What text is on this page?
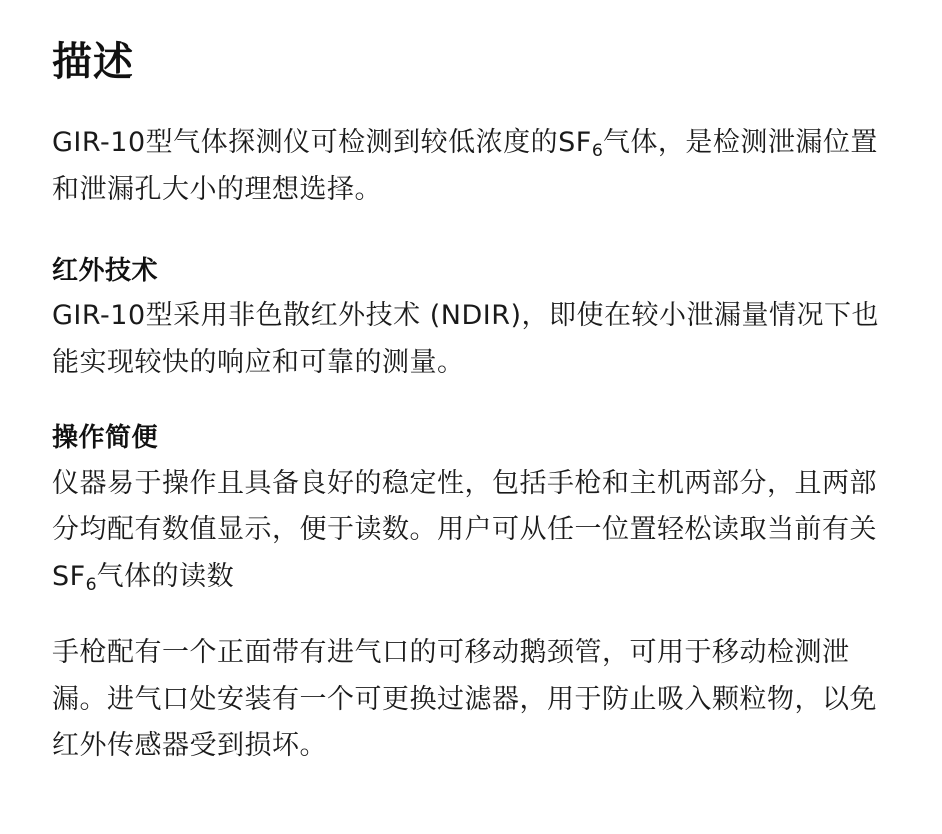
描述

GIR-10型气体探测仪可检测到较低浓度的$SF_6$气体，是检测泄漏位置和泄漏孔大小的理想选择。

红外技术

GIR-10型采用非色散红外技术 (NDIR)，即使在较小泄漏量情况下也能实现较快的响应和可靠的测量。

操作简便

仪器易于操作且具备良好的稳定性，包括手枪和主机两部分，且两部分均配有数值显示，便于读数。用户可从任一位置轻松读取当前有关$SF_6$气体的读数

手枪配有一个正面带有进气口的可移动鹅颈管，可用于移动检测泄漏。进气口处安装有一个可更换过滤器，用于防止吸入颗粒物，以免红外传感器受到损坏。
